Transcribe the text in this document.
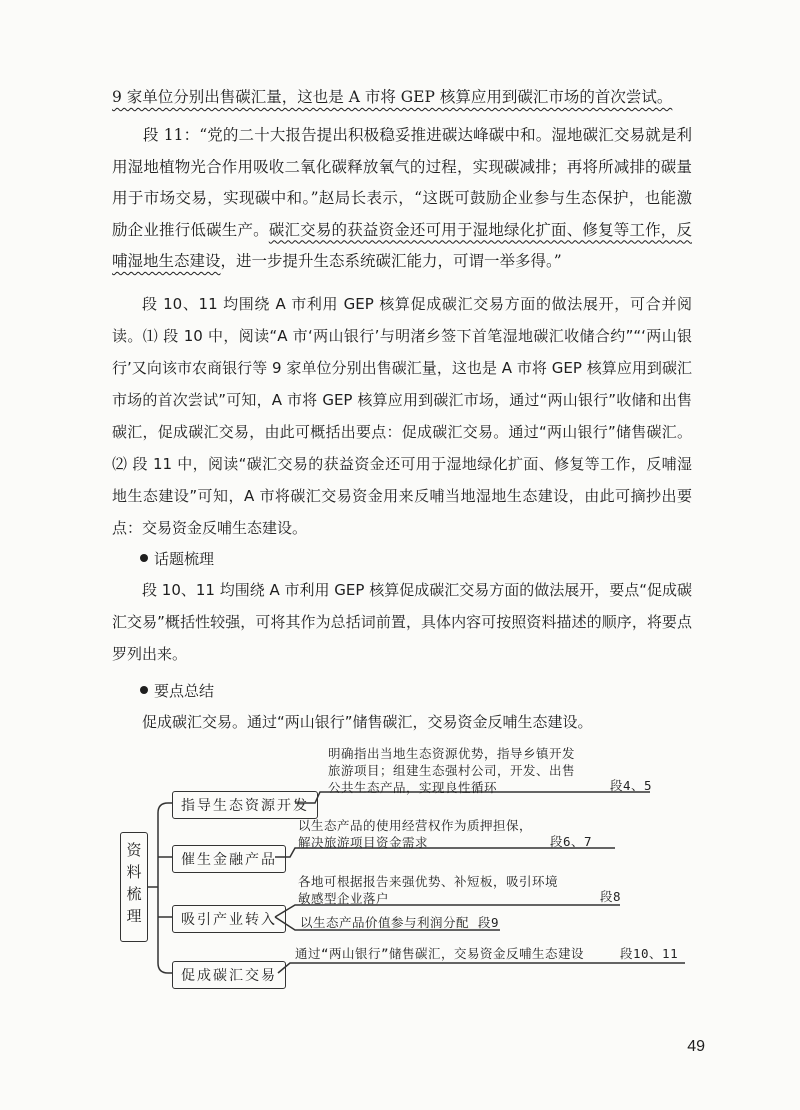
9 家单位分别出售碳汇量，这也是 A 市将 GEP 核算应用到碳汇市场的首次尝试。

段 11：“党的二十大报告提出积极稳妥推进碳达峰碳中和。湿地碳汇交易就是利用湿地植物光合作用吸收二氧化碳释放氧气的过程，实现碳减排；再将所减排的碳量用于市场交易，实现碳中和。”赵局长表示，“这既可鼓励企业参与生态保护，也能激励企业推行低碳生产。碳汇交易的获益资金还可用于湿地绿化扩面、修复等工作，反哺湿地生态建设，进一步提升生态系统碳汇能力，可谓一举多得。”

段 10、11 均围绕 A 市利用 GEP 核算促成碳汇交易方面的做法展开，可合并阅读。⑴ 段 10 中，阅读“A 市‘两山银行’与明渚乡签下首笔湿地碳汇收储合约”“‘两山银行’又向该市农商银行等 9 家单位分别出售碳汇量，这也是 A 市将 GEP 核算应用到碳汇市场的首次尝试”可知，A 市将 GEP 核算应用到碳汇市场，通过“两山银行”收储和出售碳汇，促成碳汇交易，由此可概括出要点：促成碳汇交易。通过“两山银行”储售碳汇。⑵ 段 11 中，阅读“碳汇交易的获益资金还可用于湿地绿化扩面、修复等工作，反哺湿地生态建设”可知，A 市将碳汇交易资金用来反哺当地湿地生态建设，由此可摘抄出要点：交易资金反哺生态建设。

话题梳理

段 10、11 均围绕 A 市利用 GEP 核算促成碳汇交易方面的做法展开，要点“促成碳汇交易”概括性较强，可将其作为总括词前置，具体内容可按照资料描述的顺序，将要点罗列出来。

要点总结

促成碳汇交易。通过“两山银行”储售碳汇，交易资金反哺生态建设。

资
料
梳
理
指导生态资源开发
明确指出当地生态资源优势，指导乡镇开发
旅游项目；组建生态强村公司，开发、出售
公共生态产品，实现良性循环	段4、5
催生金融产品
以生态产品的使用经营权作为质押担保，
解决旅游项目资金需求	段6、7
吸引产业转入
各地可根据报告来强优势、补短板，吸引环境
敏感型企业落户	段8
以生态产品价值参与利润分配 段9
促成碳汇交易
通过“两山银行”储售碳汇，交易资金反哺生态建设	段10、11
49
